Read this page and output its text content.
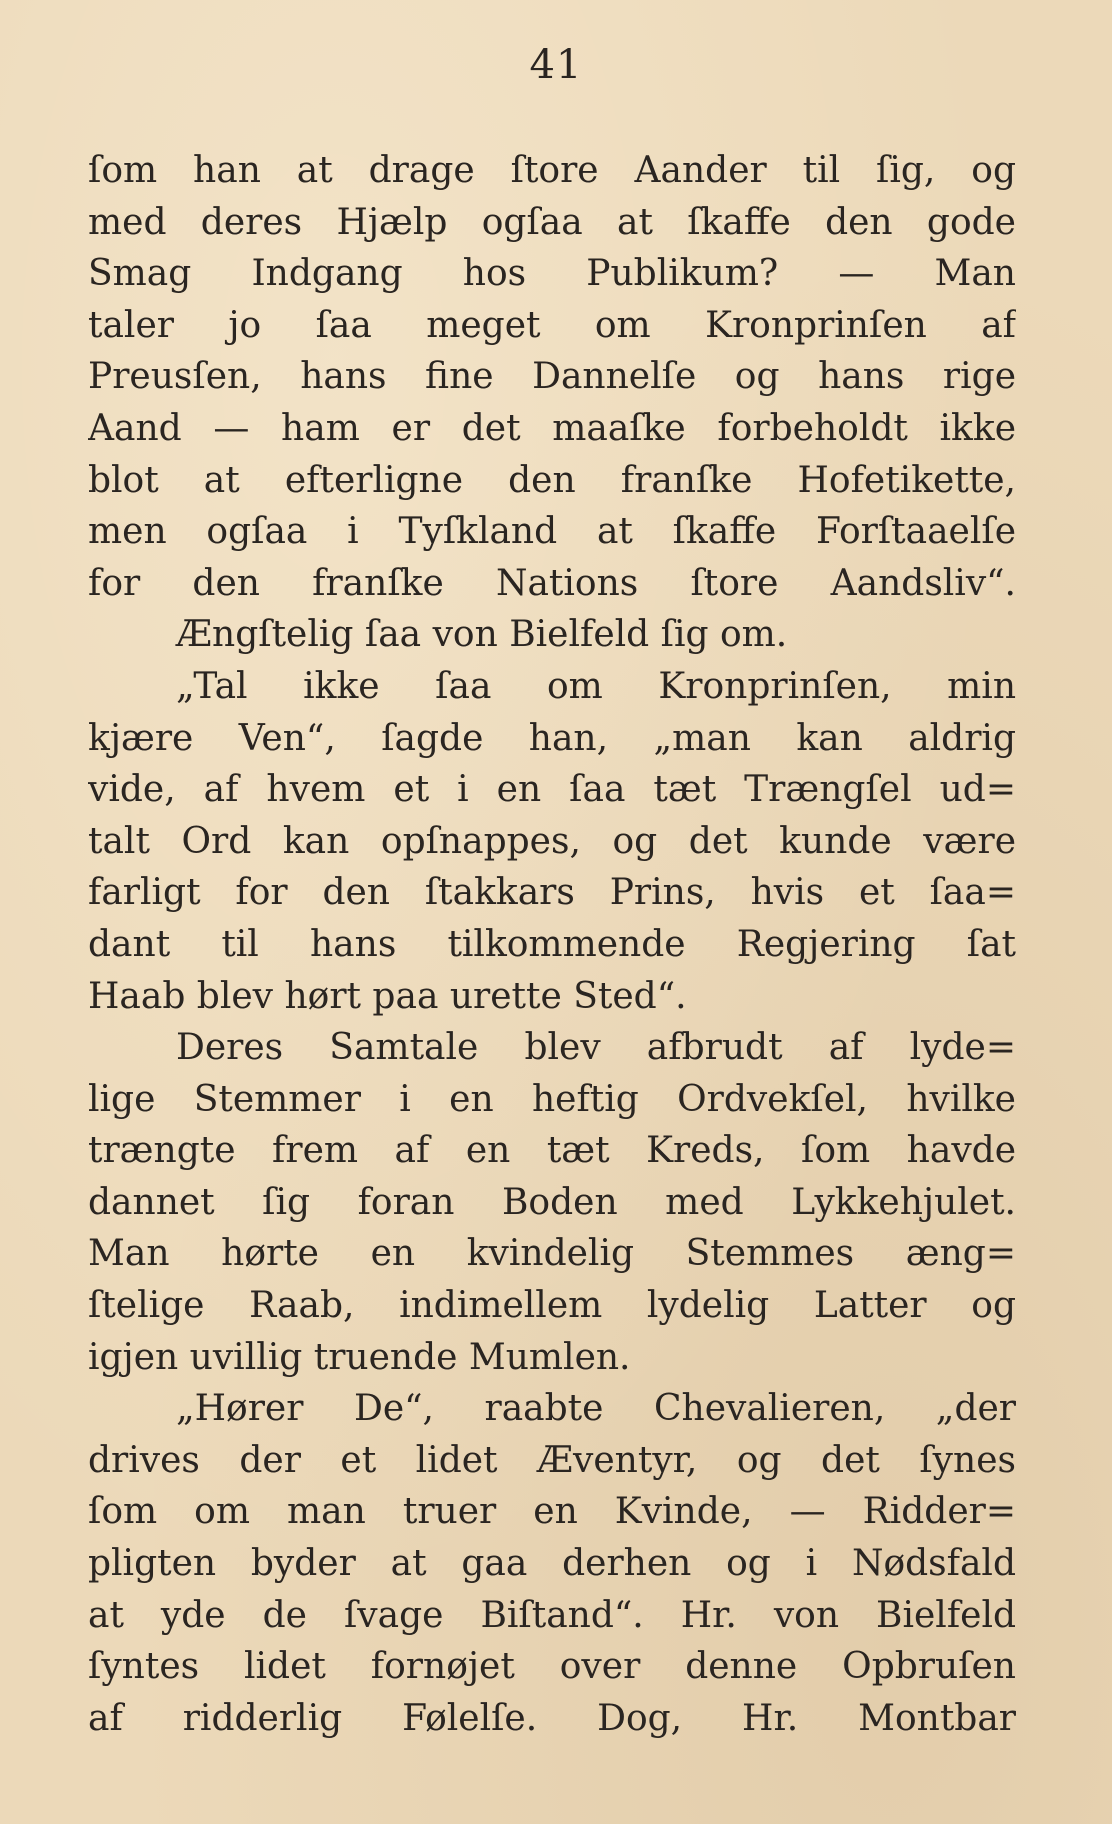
41
ſom han at drage ſtore Aander til ſig, og
med deres Hjælp ogſaa at ſkaffe den gode
Smag Indgang hos Publikum? — Man
taler jo ſaa meget om Kronprinſen af
Preusſen, hans fine Dannelſe og hans rige
Aand — ham er det maaſke forbeholdt ikke
blot at efterligne den franſke Hofetikette,
men ogſaa i Tyſkland at ſkaffe Forſtaaelſe
for den franſke Nations ſtore Aandsliv“.
Ængſtelig ſaa von Bielfeld ſig om.
„Tal ikke ſaa om Kronprinſen, min
kjære Ven“, ſagde han, „man kan aldrig
vide, af hvem et i en ſaa tæt Trængſel ud=
talt Ord kan opſnappes, og det kunde være
farligt for den ſtakkars Prins, hvis et ſaa=
dant til hans tilkommende Regjering ſat
Haab blev hørt paa urette Sted“.
Deres Samtale blev afbrudt af lyde=
lige Stemmer i en heftig Ordvekſel, hvilke
trængte frem af en tæt Kreds, ſom havde
dannet ſig foran Boden med Lykkehjulet.
Man hørte en kvindelig Stemmes æng=
ſtelige Raab, indimellem lydelig Latter og
igjen uvillig truende Mumlen.
„Hører De“, raabte Chevalieren, „der
drives der et lidet Æventyr, og det ſynes
ſom om man truer en Kvinde, — Ridder=
pligten byder at gaa derhen og i Nødsfald
at yde de ſvage Biſtand“. Hr. von Bielfeld
ſyntes lidet fornøjet over denne Opbruſen
af ridderlig Følelſe. Dog, Hr. Montbar
